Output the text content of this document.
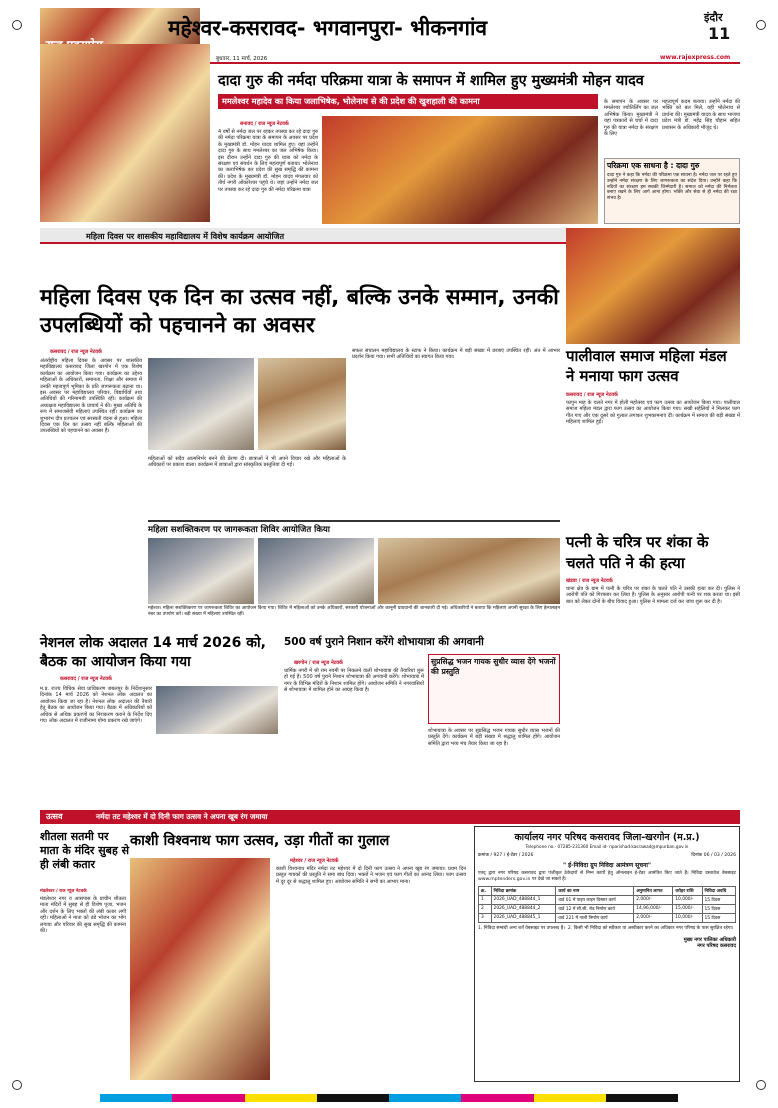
महेश्वर-कसरावद- भगवानपुरा- भीकनगांव	इंदौर
11
बुधवार, 11 मार्च, 2026	www.rajexpress.com
दादा गुरु की नर्मदा परिक्रमा यात्रा के समापन में शामिल हुए मुख्यमंत्री मोहन यादव
ममलेश्वर महादेव का किया जलाभिषेक, भोलेनाथ से की प्रदेश की खुशहाली की कामना
सनावद / राज न्यूज नेटवर्क
4 वर्षों से नर्मदा जल पर रहकर तपस्या कर रहे दादा गुरु की नर्मदा परिक्रमा यात्रा के समापन के अवसर पर प्रदेश के मुख्यमंत्री डॉ. मोहन यादव शामिल हुए। यहां उन्होंने दादा गुरु के साथ ममलेश्वर का जल अभिषेक किया। इस दौरान उन्होंने दादा गुरु की यात्रा को नर्मदा के संरक्षण एवं संवर्धन के लिए महत्वपूर्ण बताया। भोलेनाथ का जलाभिषेक कर प्रदेश की सुख समृद्धि की कामना की। प्रदेश के मुख्यमंत्री डॉ. मोहन यादव मंगलवार को तीर्थ नगरी ओंकारेश्वर पहुंचे थे। जहां उन्होंने नर्मदा जल पर तपस्या कर रहे दादा गुरु की नर्मदा परिक्रमा यात्रा
के समापन के अवसर पर ममलेश्वर ज्योतिर्लिंग का जल अभिषेक किया। मुख्यमंत्री ने यहां पत्रकारों से चर्चा में दादा गुरु की यात्रा नर्मदा के संरक्षण के लिए
महत्वपूर्ण कदम बताया। उन्होंने नर्मदा की भक्ति को बल मिले, यही भोलेनाथ से प्रार्थना की। मुख्यमंत्री यादव के साथ भाजपा प्रदेश मंत्री डॉ. महेंद्र सिंह चौहान सहित प्रशासन के अधिकारी मौजूद थे।
परिक्रमा एक साधना है : दादा गुरु
दादा गुरु ने कहा कि नर्मदा की परिक्रमा एक साधना है। नर्मदा जल पर रहते हुए उन्होंने नर्मदा संरक्षण के लिए जागरूकता का संदेश दिया। उन्होंने कहा कि नदियों का संरक्षण हम सबकी जिम्मेदारी है। समाज को नर्मदा की निर्मलता बनाए रखने के लिए आगे आना होगा। भक्ति और सेवा से ही नर्मदा की रक्षा संभव है।
महिला दिवस पर शासकीय महाविद्यालय में विशेष कार्यक्रम आयोजित
महिला दिवस एक दिन का उत्सव नहीं, बल्कि उनके सम्मान, उनकी उपलब्धियों को पहचानने का अवसर
कसरावद / राज न्यूज नेटवर्क
अंतर्राष्ट्रीय महिला दिवस के अवसर पर शासकीय महाविद्यालय कसरावद जिला खरगोन में एक विशेष कार्यक्रम का आयोजन किया गया। कार्यक्रम का उद्देश्य महिलाओं के अधिकारों, समानता, शिक्षा और समाज में उनकी महत्वपूर्ण भूमिका के प्रति जागरूकता बढ़ाना था। इस अवसर पर महाविद्यालय परिवार, विद्यार्थियों तथा अतिथियों की गरिमामयी उपस्थिति रही। कार्यक्रम की अध्यक्षता महाविद्यालय के प्राचार्य ने की। मुख्य अतिथि के रूप में समाजसेवी महिलाएं उपस्थित रहीं। कार्यक्रम का शुभारंभ दीप प्रज्वलन एवं सरस्वती वंदना से हुआ। महिला दिवस एक दिन का उत्सव नहीं बल्कि महिलाओं की उपलब्धियों को पहचानने का अवसर है।
महिलाओं को सदैव आत्मनिर्भर बनने की प्रेरणा दी। छात्राओं ने भी अपने विचार रखे और महिलाओं के अधिकारों पर प्रकाश डाला। कार्यक्रम में छात्राओं द्वारा सांस्कृतिक प्रस्तुतियां दी गईं।
सफल संचालन महाविद्यालय के स्टाफ ने किया। कार्यक्रम में बड़ी संख्या में छात्राएं उपस्थित रहीं। अंत में आभार प्रदर्शन किया गया। सभी अतिथियों का स्वागत किया गया।
महिला सशक्तिकरण पर जागरूकता शिविर आयोजित किया
महेश्वर। महिला सशक्तिकरण पर जागरूकता शिविर का आयोजन किया गया। शिविर में महिलाओं को उनके अधिकारों, सरकारी योजनाओं और कानूनी प्रावधानों की जानकारी दी गई। अधिकारियों ने बताया कि महिलाएं अपनी सुरक्षा के लिए हेल्पलाइन नंबर का उपयोग करें। बड़ी संख्या में महिलाएं उपस्थित रहीं।
पालीवाल समाज महिला मंडल ने मनाया फाग उत्सव
कसरावद / राज न्यूज नेटवर्क
फागुन माह के चलते नगर में होली महोत्सव एवं फाग उत्सव का आयोजन किया गया। पालीवाल समाज महिला मंडल द्वारा फाग उत्सव का आयोजन किया गया। सखी सहेलियों ने मिलकर फाग गीत गाए और एक दूसरे को गुलाल लगाकर शुभकामनाएं दीं। कार्यक्रम में समाज की बड़ी संख्या में महिलाएं शामिल हुईं।
पत्नी के चरित्र पर शंका के चलते पति ने की हत्या
खंडवा / राज न्यूज नेटवर्क
थाना क्षेत्र के ग्राम में पत्नी के चरित्र पर शंका के चलते पति ने उसकी हत्या कर दी। पुलिस ने आरोपी पति को गिरफ्तार कर लिया है। पुलिस के अनुसार आरोपी पत्नी पर शक करता था। इसी बात को लेकर दोनों के बीच विवाद हुआ। पुलिस ने मामला दर्ज कर जांच शुरू कर दी है।
नेशनल लोक अदालत 14 मार्च 2026 को, बैठक का आयोजन किया गया
कसरावद / राज न्यूज नेटवर्क
म.प्र. राज्य विधिक सेवा प्राधिकरण जबलपुर के निर्देशानुसार दिनांक 14 मार्च 2026 को नेशनल लोक अदालत का आयोजन किया जा रहा है। नेशनल लोक अदालत की तैयारी हेतु बैठक का आयोजन किया गया। बैठक में अधिकारियों को अधिक से अधिक प्रकरणों का निराकरण कराने के निर्देश दिए गए। लोक अदालत में राजीनामा योग्य प्रकरण रखे जाएंगे।
500 वर्ष पुराने निशान करेंगे शोभायात्रा की अगवानी
खरगोन / राज न्यूज नेटवर्क
धार्मिक नगरी में श्री राम नवमी पर निकलने वाली शोभायात्रा की तैयारियां शुरू हो गई हैं। 500 वर्ष पुराने निशान शोभायात्रा की अगवानी करेंगे। शोभायात्रा में नगर के विभिन्न मंदिरों के निशान शामिल होंगे। आयोजन समिति ने नगरवासियों से शोभायात्रा में शामिल होने का आग्रह किया है।
सुप्रसिद्ध भजन गायक सुधीर व्यास देंगे भजनों की प्रस्तुति
शोभायात्रा के अवसर पर सुप्रसिद्ध भजन गायक सुधीर व्यास भजनों की प्रस्तुति देंगे। कार्यक्रम में बड़ी संख्या में श्रद्धालु शामिल होंगे। आयोजन समिति द्वारा भव्य मंच तैयार किया जा रहा है।
उत्सव	नर्मदा तट महेश्वर में दो दिनी फाग उत्सव ने अपना खूब रंग जमाया
शीतला सतमी पर माता के मंदिर सुबह से ही लंबी कतार
मंडलेश्वर / राज न्यूज नेटवर्क
मंडलेश्वर नगर व आसपास के प्राचीन शीतला माता मंदिरों में सुबह से ही विशेष पूजा, भजन और दर्शन के लिए भक्तों की लंबी कतार लगी रही। महिलाओं ने माता को ठंडे भोजन का भोग लगाया और परिवार की सुख समृद्धि की कामना की।
काशी विश्वनाथ फाग उत्सव, उड़ा गीतों का गुलाल
महेश्वर / राज न्यूज नेटवर्क
काशी विश्वनाथ मंदिर नर्मदा तट महेश्वर में दो दिनी फाग उत्सव ने अपना खूब रंग जमाया। प्रथम दिन प्रस्तुत गायकों की प्रस्तुति ने समा बांध दिया। भक्तों ने भजन एवं फाग गीतों का आनंद लिया। फाग उत्सव में दूर दूर से श्रद्धालु शामिल हुए। आयोजन समिति ने सभी का आभार माना।
कार्यालय नगर परिषद कसरावद जिला-खरगोन (म.प्र.)
Telephone no.- 07285-231360 Email id- nparishad.kasrawad@mpurban.gov.in
क्रमांक / 927 / ई-टेंडर / 2026	दिनांक 06 / 03 / 2026
" ई-निविदा ग्रुप निविदा आमंत्रण सूचना"
एतद् द्वारा नगर परिषद कसरावद द्वारा पंजीकृत ठेकेदारों से निम्न कार्यों हेतु ऑनलाइन ई-टेंडर आमंत्रित किए जाते हैं। निविदा दस्तावेज वेबसाइट www.mptenders.gov.in पर देखे जा सकते हैं।
क्र.	निविदा क्रमांक	कार्य का नाम	अनुमानित लागत	धरोहर राशि	निविदा अवधि
1	2026_UAD_488844_1	वार्ड 01 में पाइप लाइन विस्तार कार्य	2,000/-	10,000/-	15 दिवस
2	2026_UAD_488844_2	वार्ड 12 में सी.सी. रोड निर्माण कार्य	14,96,000/-	15,000/-	15 दिवस
3	2026_UAD_488845_1	वार्ड 221 में नाली निर्माण कार्य	2,000/-	10,000/-	15 दिवस
1. निविदा सम्बंधी अन्य शर्ते वेबसाइट पर उपलब्ध हैं।  2. किसी भी निविदा को स्वीकार या अस्वीकार करने का अधिकार नगर परिषद के पास सुरक्षित रहेगा।
मुख्य नगर पालिका अधिकारी
नगर परिषद कसरावद
